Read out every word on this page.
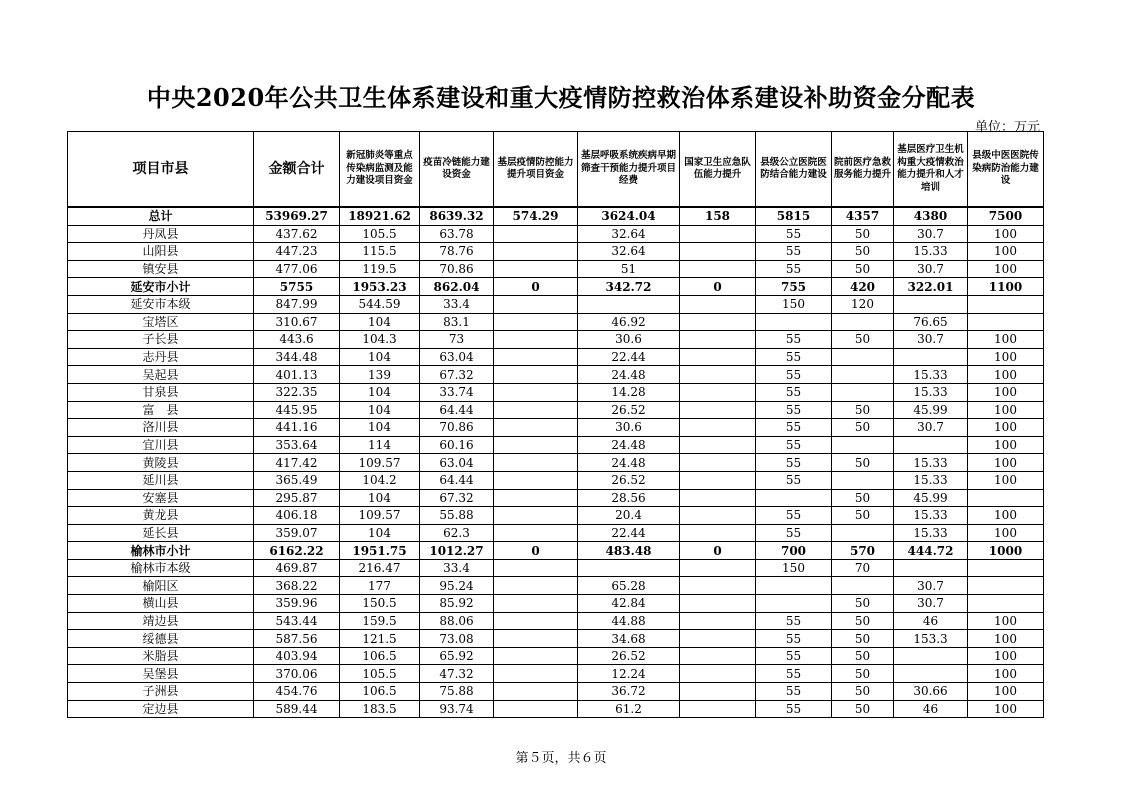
中央2020年公共卫生体系建设和重大疫情防控救治体系建设补助资金分配表
单位：万元
项目市县	金额合计	新冠肺炎等重点传染病监测及能力建设项目资金	疫苗冷链能力建设资金	基层疫情防控能力提升项目资金	基层呼吸系统疾病早期筛查干预能力提升项目经费	国家卫生应急队伍能力提升	县级公立医院医防结合能力建设	院前医疗急救服务能力提升	基层医疗卫生机构重大疫情救治能力提升和人才培训	县级中医医院传染病防治能力建设
总计	53969.27	18921.62	8639.32	574.29	3624.04	158	5815	4357	4380	7500
丹凤县	437.62	105.5	63.78		32.64		55	50	30.7	100
山阳县	447.23	115.5	78.76		32.64		55	50	15.33	100
镇安县	477.06	119.5	70.86		51		55	50	30.7	100
延安市小计	5755	1953.23	862.04	0	342.72	0	755	420	322.01	1100
延安市本级	847.99	544.59	33.4				150	120		
宝塔区	310.67	104	83.1		46.92				76.65	
子长县	443.6	104.3	73		30.6		55	50	30.7	100
志丹县	344.48	104	63.04		22.44		55			100
吴起县	401.13	139	67.32		24.48		55		15.33	100
甘泉县	322.35	104	33.74		14.28		55		15.33	100
富　县	445.95	104	64.44		26.52		55	50	45.99	100
洛川县	441.16	104	70.86		30.6		55	50	30.7	100
宜川县	353.64	114	60.16		24.48		55			100
黄陵县	417.42	109.57	63.04		24.48		55	50	15.33	100
延川县	365.49	104.2	64.44		26.52		55		15.33	100
安塞县	295.87	104	67.32		28.56			50	45.99	
黄龙县	406.18	109.57	55.88		20.4		55	50	15.33	100
延长县	359.07	104	62.3		22.44		55		15.33	100
榆林市小计	6162.22	1951.75	1012.27	0	483.48	0	700	570	444.72	1000
榆林市本级	469.87	216.47	33.4				150	70		
榆阳区	368.22	177	95.24		65.28				30.7	
横山县	359.96	150.5	85.92		42.84			50	30.7	
靖边县	543.44	159.5	88.06		44.88		55	50	46	100
绥德县	587.56	121.5	73.08		34.68		55	50	153.3	100
米脂县	403.94	106.5	65.92		26.52		55	50		100
吴堡县	370.06	105.5	47.32		12.24		55	50		100
子洲县	454.76	106.5	75.88		36.72		55	50	30.66	100
定边县	589.44	183.5	93.74		61.2		55	50	46	100
第５页，共６页
